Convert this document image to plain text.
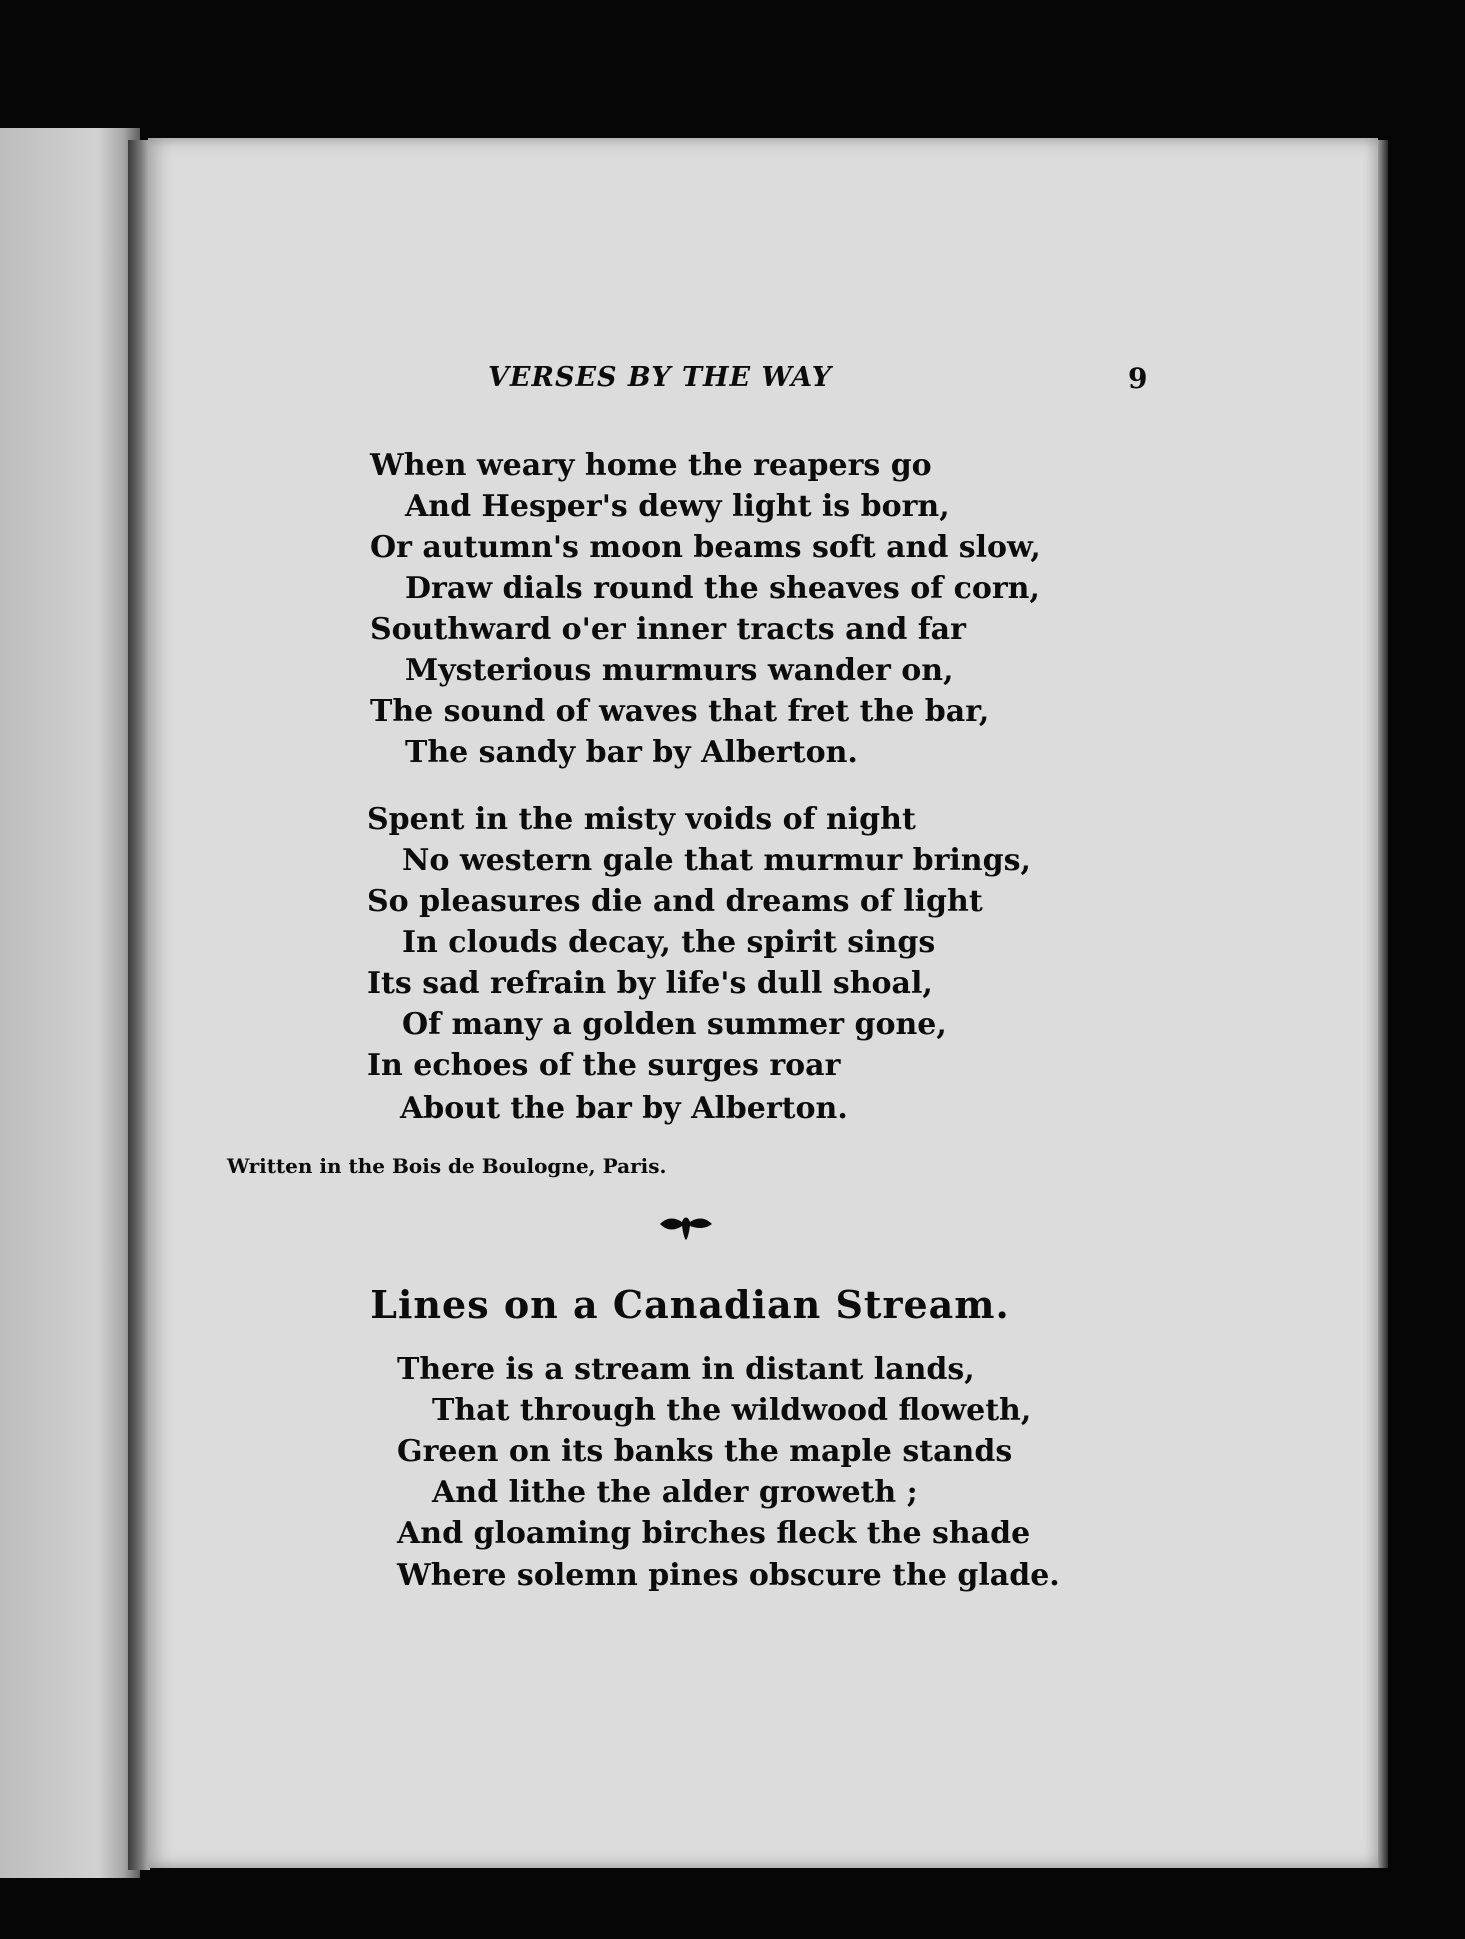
VERSES BY THE WAY	9
When weary home the reapers go
And Hesper's dewy light is born,
Or autumn's moon beams soft and slow,
Draw dials round the sheaves of corn,
Southward o'er inner tracts and far
Mysterious murmurs wander on,
The sound of waves that fret the bar,
The sandy bar by Alberton.
Spent in the misty voids of night
No western gale that murmur brings,
So pleasures die and dreams of light
In clouds decay, the spirit sings
Its sad refrain by life's dull shoal,
Of many a golden summer gone,
In echoes of the surges roar
About the bar by Alberton.
Written in the Bois de Boulogne, Paris.
Lines on a Canadian Stream.
There is a stream in distant lands,
That through the wildwood floweth,
Green on its banks the maple stands
And lithe the alder groweth ;
And gloaming birches fleck the shade
Where solemn pines obscure the glade.
